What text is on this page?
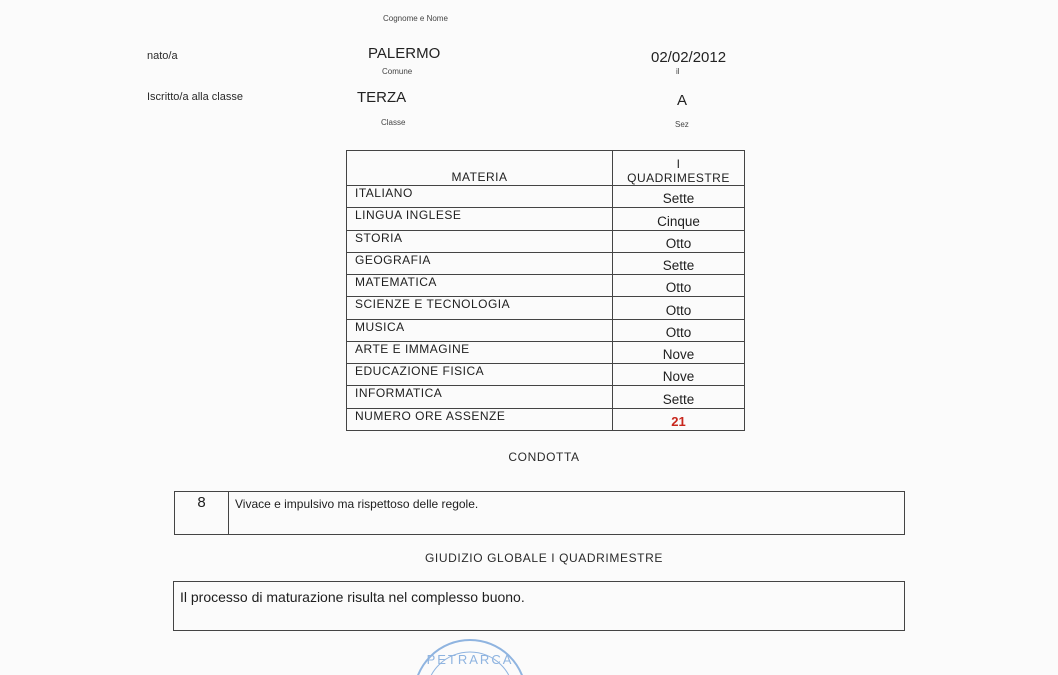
Cognome e Nome
nato/a	PALERMO
Comune
02/02/2012
il
Iscritto/a alla classe	TERZA
Classe
A
Sez
MATERIA	I
QUADRIMESTRE

ITALIANO	Sette
LINGUA INGLESE	Cinque
STORIA	Otto
GEOGRAFIA	Sette
MATEMATICA	Otto
SCIENZE E TECNOLOGIA	Otto
MUSICA	Otto
ARTE E IMMAGINE	Nove
EDUCAZIONE FISICA	Nove
INFORMATICA	Sette
NUMERO ORE ASSENZE	21
CONDOTTA
8	Vivace e impulsivo ma rispettoso delle regole.
GIUDIZIO GLOBALE I QUADRIMESTRE
Il processo di maturazione risulta nel complesso buono.
PETRARCA
